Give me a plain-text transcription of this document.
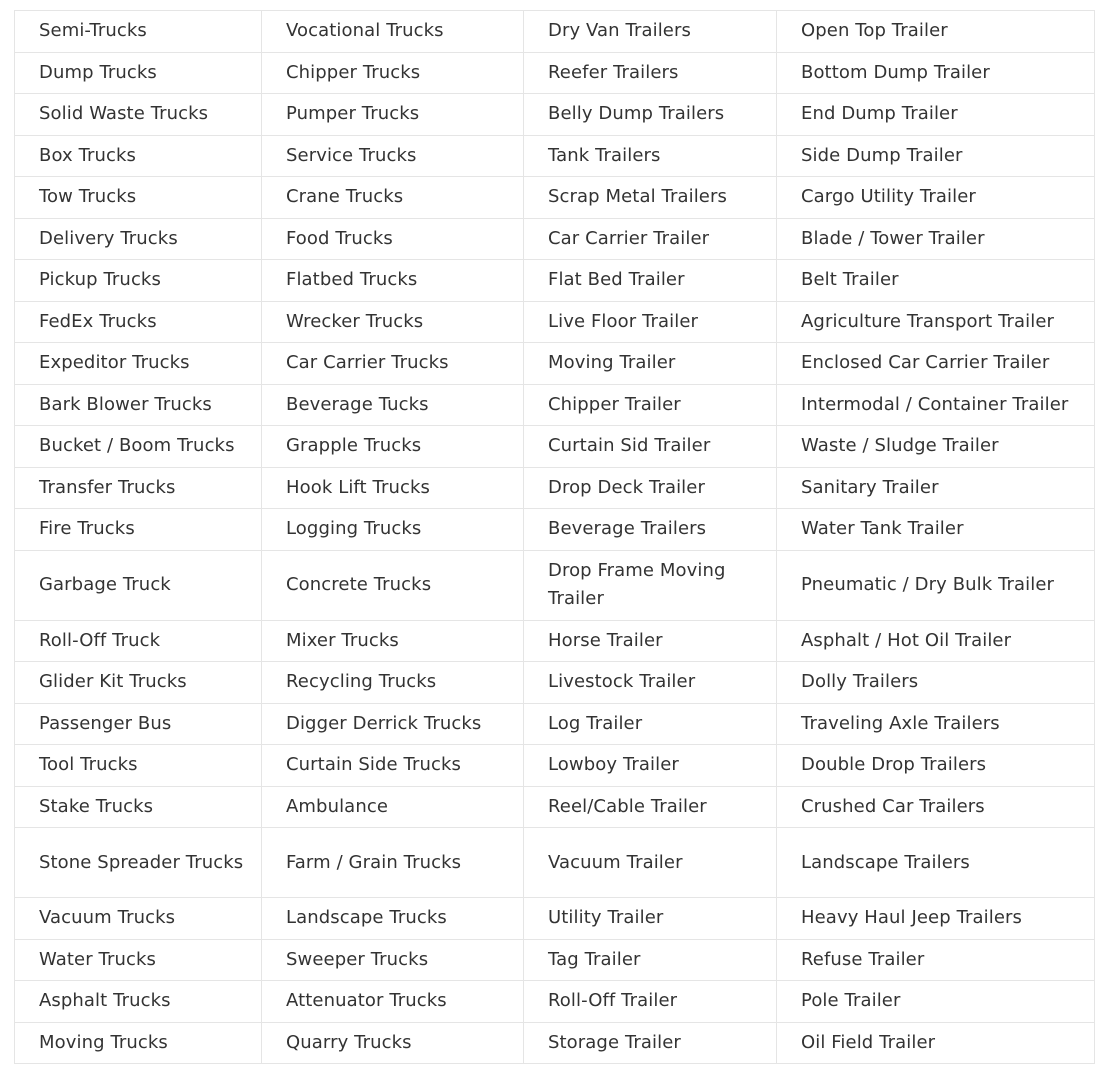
Semi-Trucks	Vocational Trucks	Dry Van Trailers	Open Top Trailer
Dump Trucks	Chipper Trucks	Reefer Trailers	Bottom Dump Trailer
Solid Waste Trucks	Pumper Trucks	Belly Dump Trailers	End Dump Trailer
Box Trucks	Service Trucks	Tank Trailers	Side Dump Trailer
Tow Trucks	Crane Trucks	Scrap Metal Trailers	Cargo Utility Trailer
Delivery Trucks	Food Trucks	Car Carrier Trailer	Blade / Tower Trailer
Pickup Trucks	Flatbed Trucks	Flat Bed Trailer	Belt Trailer
FedEx Trucks	Wrecker Trucks	Live Floor Trailer	Agriculture Transport Trailer
Expeditor Trucks	Car Carrier Trucks	Moving Trailer	Enclosed Car Carrier Trailer
Bark Blower Trucks	Beverage Tucks	Chipper Trailer	Intermodal / Container Trailer
Bucket / Boom Trucks	Grapple Trucks	Curtain Sid Trailer	Waste / Sludge Trailer
Transfer Trucks	Hook Lift Trucks	Drop Deck Trailer	Sanitary Trailer
Fire Trucks	Logging Trucks	Beverage Trailers	Water Tank Trailer
Garbage Truck	Concrete Trucks	Drop Frame Moving Trailer	Pneumatic / Dry Bulk Trailer
Roll-Off Truck	Mixer Trucks	Horse Trailer	Asphalt / Hot Oil Trailer
Glider Kit Trucks	Recycling Trucks	Livestock Trailer	Dolly Trailers
Passenger Bus	Digger Derrick Trucks	Log Trailer	Traveling Axle Trailers
Tool Trucks	Curtain Side Trucks	Lowboy Trailer	Double Drop Trailers
Stake Trucks	Ambulance	Reel/Cable Trailer	Crushed Car Trailers
Stone Spreader Trucks	Farm / Grain Trucks	Vacuum Trailer	Landscape Trailers
Vacuum Trucks	Landscape Trucks	Utility Trailer	Heavy Haul Jeep Trailers
Water Trucks	Sweeper Trucks	Tag Trailer	Refuse Trailer
Asphalt Trucks	Attenuator Trucks	Roll-Off Trailer	Pole Trailer
Moving Trucks	Quarry Trucks	Storage Trailer	Oil Field Trailer
